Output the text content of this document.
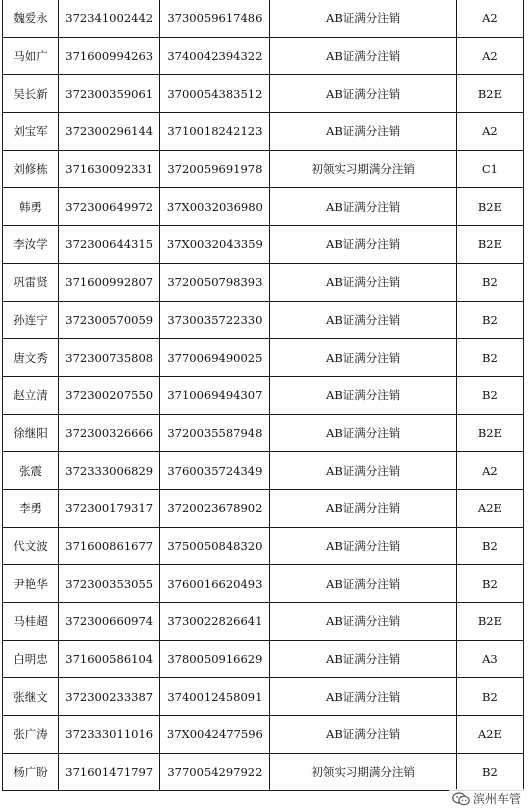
魏爱永	372341002442	3730059617486	AB证满分注销	A2
马如广	371600994263	3740042394322	AB证满分注销	A2
吴长新	372300359061	3700054383512	AB证满分注销	B2E
刘宝军	372300296144	3710018242123	AB证满分注销	A2
刘修栋	371630092331	3720059691978	初领实习期满分注销	C1
韩勇	372300649972	37X0032036980	AB证满分注销	B2E
李汝学	372300644315	37X0032043359	AB证满分注销	B2E
巩雷贤	371600992807	3720050798393	AB证满分注销	B2
孙连宁	372300570059	3730035722330	AB证满分注销	B2
唐文秀	372300735808	3770069490025	AB证满分注销	B2
赵立清	372300207550	3710069494307	AB证满分注销	B2
徐继阳	372300326666	3720035587948	AB证满分注销	B2E
张震	372333006829	3760035724349	AB证满分注销	A2
李勇	372300179317	3720023678902	AB证满分注销	A2E
代文波	371600861677	3750050848320	AB证满分注销	B2
尹艳华	372300353055	3760016620493	AB证满分注销	B2
马桂超	372300660974	3730022826641	AB证满分注销	B2E
白明忠	371600586104	3780050916629	AB证满分注销	A3
张继文	372300233387	3740012458091	AB证满分注销	B2
张广涛	372333011016	37X0042477596	AB证满分注销	A2E
杨广盼	371601471797	3770054297922	初领实习期满分注销	B2
滨州车管
